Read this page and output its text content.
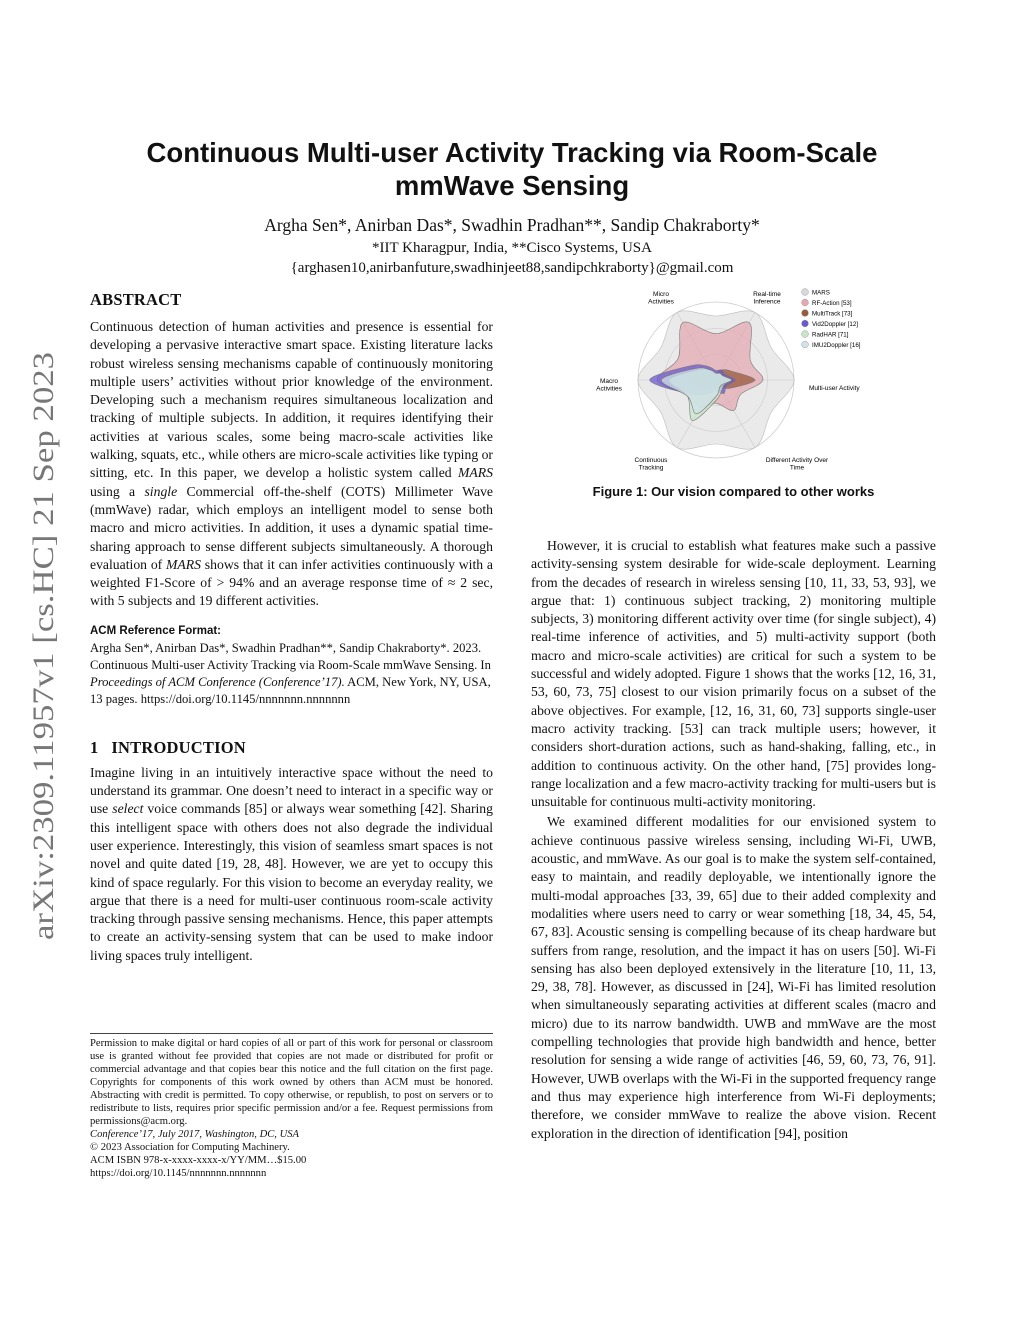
arXiv:2309.11957v1 [cs.HC] 21 Sep 2023
Continuous Multi-user Activity Tracking via Room-Scale
mmWave Sensing
Argha Sen*, Anirban Das*, Swadhin Pradhan**, Sandip Chakraborty*
*IIT Kharagpur, India, **Cisco Systems, USA
{arghasen10,anirbanfuture,swadhinjeet88,sandipchkraborty}@gmail.com
ABSTRACT

Continuous detection of human activities and presence is essential for developing a pervasive interactive smart space. Existing literature lacks robust wireless sensing mechanisms capable of continuously monitoring multiple users’ activities without prior knowledge of the environment. Developing such a mechanism requires simultaneous localization and tracking of multiple subjects. In addition, it requires identifying their activities at various scales, some being macro-scale activities like walking, squats, etc., while others are micro-scale activities like typing or sitting, etc. In this paper, we develop a holistic system called MARS using a single Commercial off-the-shelf (COTS) Millimeter Wave (mmWave) radar, which employs an intelligent model to sense both macro and micro activities. In addition, it uses a dynamic spatial time-sharing approach to sense different subjects simultaneously. A thorough evaluation of MARS shows that it can infer activities continuously with a weighted F1-Score of > 94% and an average response time of ≈ 2 sec, with 5 subjects and 19 different activities.

ACM Reference Format:

Argha Sen*, Anirban Das*, Swadhin Pradhan**, Sandip Chakraborty*. 2023. Continuous Multi-user Activity Tracking via Room-Scale mmWave Sensing. In Proceedings of ACM Conference (Conference’17). ACM, New York, NY, USA, 13 pages. https://doi.org/10.1145/nnnnnnn.nnnnnnn

1   INTRODUCTION

Imagine living in an intuitively interactive space without the need to understand its grammar. One doesn’t need to interact in a specific way or use select voice commands [85] or always wear something [42]. Sharing this intelligent space with others does not also degrade the individual user experience. Interestingly, this vision of seamless smart spaces is not novel and quite dated [19, 28, 48]. However, we are yet to occupy this kind of space regularly. For this vision to become an everyday reality, we argue that there is a need for multi-user continuous room-scale activity tracking through passive sensing mechanisms. Hence, this paper attempts to create an activity-sensing system that can be used to make indoor living spaces truly intelligent.

Permission to make digital or hard copies of all or part of this work for personal or classroom use is granted without fee provided that copies are not made or distributed for profit or commercial advantage and that copies bear this notice and the full citation on the first page. Copyrights for components of this work owned by others than ACM must be honored. Abstracting with credit is permitted. To copy otherwise, or republish, to post on servers or to redistribute to lists, requires prior specific permission and/or a fee. Request permissions from permissions@acm.org.

Conference’17, July 2017, Washington, DC, USA

© 2023 Association for Computing Machinery.

ACM ISBN 978-x-xxxx-xxxx-x/YY/MM…$15.00

https://doi.org/10.1145/nnnnnnn.nnnnnnn

Micro Activities
Real-time Inference
Macro Activities	Multi-user Activity
Continuous Tracking
Different Activity Over Time
MARS
RF-Action [53]
MultiTrack [73]
Vid2Doppler [12]
RadHAR [71]
IMU2Doppler [16]
Figure 1: Our vision compared to other works

However, it is crucial to establish what features make such a passive activity-sensing system desirable for wide-scale deployment. Learning from the decades of research in wireless sensing [10, 11, 33, 53, 93], we argue that: 1) continuous subject tracking, 2) monitoring multiple subjects, 3) monitoring different activity over time (for single subject), 4) real-time inference of activities, and 5) multi-activity support (both macro and micro-scale activities) are critical for such a system to be successful and widely adopted. Figure 1 shows that the works [12, 16, 31, 53, 60, 73, 75] closest to our vision primarily focus on a subset of the above objectives. For example, [12, 16, 31, 60, 73] supports single-user macro activity tracking. [53] can track multiple users; however, it considers short-duration actions, such as hand-shaking, falling, etc., in addition to continuous activity. On the other hand, [75] provides long-range localization and a few macro-activity tracking for multi-users but is unsuitable for continuous multi-activity monitoring.

We examined different modalities for our envisioned system to achieve continuous passive wireless sensing, including Wi-Fi, UWB, acoustic, and mmWave. As our goal is to make the system self-contained, easy to maintain, and readily deployable, we intentionally ignore the multi-modal approaches [33, 39, 65] due to their added complexity and modalities where users need to carry or wear something [18, 34, 45, 54, 67, 83]. Acoustic sensing is compelling because of its cheap hardware but suffers from range, resolution, and the impact it has on users [50]. Wi-Fi sensing has also been deployed extensively in the literature [10, 11, 13, 29, 38, 78]. However, as discussed in [24], Wi-Fi has limited resolution when simultaneously separating activities at different scales (macro and micro) due to its narrow bandwidth. UWB and mmWave are the most compelling technologies that provide high bandwidth and hence, better resolution for sensing a wide range of activities [46, 59, 60, 73, 76, 91]. However, UWB overlaps with the Wi-Fi in the supported frequency range and thus may experience high interference from Wi-Fi deployments; therefore, we consider mmWave to realize the above vision. Recent exploration in the direction of identification [94], position
